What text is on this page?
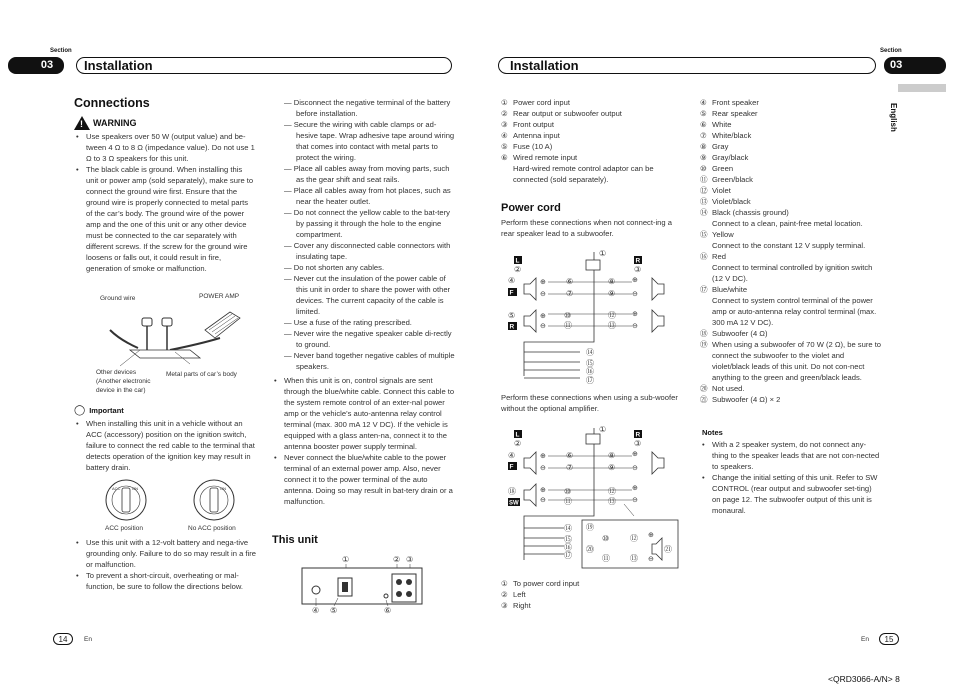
Section
03	Installation
Connections
! WARNING

• Use speakers over 50 W (output value) and be-tween 4 Ω to 8 Ω (impedance value). Do not use 1 Ω to 3 Ω speakers for this unit.

• The black cable is ground. When installing this unit or power amp (sold separately), make sure to connect the ground wire first. Ensure that the ground wire is properly connected to metal parts of the car’s body. The ground wire of the power amp and the one of this unit or any other device must be connected to the car separately with different screws. If the screw for the ground wire loosens or falls out, it could result in fire, generation of smoke or malfunction.

Ground wire	POWER AMP
Other devices
(Another electronic
device in the car)
Metal parts of car’s body
◯ Important

• When installing this unit in a vehicle without an ACC (accessory) position on the ignition switch, failure to connect the red cable to the terminal that detects operation of the ignition key may result in battery drain.

ACC	ON	ON
ACC position	No ACC position

• Use this unit with a 12-volt battery and nega-tive grounding only. Failure to do so may result in a fire or malfunction.

• To prevent a short-circuit, overheating or mal-function, be sure to follow the directions below.

— Disconnect the negative terminal of the battery before installation.

— Secure the wiring with cable clamps or ad-hesive tape. Wrap adhesive tape around wiring that comes into contact with metal parts to protect the wiring.

— Place all cables away from moving parts, such as the gear shift and seat rails.

— Place all cables away from hot places, such as near the heater outlet.

— Do not connect the yellow cable to the bat-tery by passing it through the hole to the engine compartment.

— Cover any disconnected cable connectors with insulating tape.

— Do not shorten any cables.

— Never cut the insulation of the power cable of this unit in order to share the power with other devices. The current capacity of the cable is limited.

— Use a fuse of the rating prescribed.

— Never wire the negative speaker cable di-rectly to ground.

— Never band together negative cables of multiple speakers.

• When this unit is on, control signals are sent through the blue/white cable. Connect this cable to the system remote control of an exter-nal power amp or the vehicle’s auto-antenna relay control terminal (max. 300 mA 12 V DC). If the vehicle is equipped with a glass anten-na, connect it to the antenna booster power supply terminal.

• Never connect the blue/white cable to the power terminal of an external power amp. Also, never connect it to the power terminal of the auto antenna. Doing so may result in bat-tery drain or a malfunction.

This unit
①	② ③
④ ⑤	⑥
14	En
Section
Installation	03
English

① Power cord input

② Rear output or subwoofer output

③ Front output

④ Antenna input

⑤ Fuse (10 A)

⑥ Wired remote input

Hard-wired remote control adaptor can be connected (sold separately).

Power cord
Perform these connections when not connect-ing a rear speaker lead to a subwoofer.
①
L	R
②	③
④
F
⊕
⊖
⑥
⑦
⑧
⑨
⊕
⊖
⑤
R
⊕
⊖
⑩
⑪
⑫
⑬
⊕
⊖
⑭
⑮
⑯
⑰
Perform these connections when using a sub-woofer without the optional amplifier.
①
L	R
②	③
④
F
⊕
⊖
⑥
⑦
⑧
⑨
⊕
⊖
⑱
SW
⊕
⊖
⑩
⑪
⑫
⑬
⊕
⊖
⑭
⑮
⑯
⑰
⑲
⑳
⑩
⑪
⑫
⑬
⊕
⊖
㉑

① To power cord input

② Left

③ Right

④ Front speaker

⑤ Rear speaker

⑥ White

⑦ White/black

⑧ Gray

⑨ Gray/black

⑩ Green

⑪ Green/black

⑫ Violet

⑬ Violet/black

⑭ Black (chassis ground)
Connect to a clean, paint-free metal location.

⑮ Yellow
Connect to the constant 12 V supply terminal.

⑯ Red
Connect to terminal controlled by ignition switch (12 V DC).

⑰ Blue/white
Connect to system control terminal of the power amp or auto-antenna relay control terminal (max. 300 mA 12 V DC).

⑱ Subwoofer (4 Ω)

⑲ When using a subwoofer of 70 W (2 Ω), be sure to connect the subwoofer to the violet and violet/black leads of this unit. Do not con-nect anything to the green and green/black leads.

⑳ Not used.

㉑ Subwoofer (4 Ω) × 2

Notes

• With a 2 speaker system, do not connect any-thing to the speaker leads that are not con-nected to speakers.

• Change the initial setting of this unit. Refer to SW CONTROL (rear output and subwoofer set-ting) on page 12. The subwoofer output of this unit is monaural.

En	15
<QRD3066-A/N> 8
